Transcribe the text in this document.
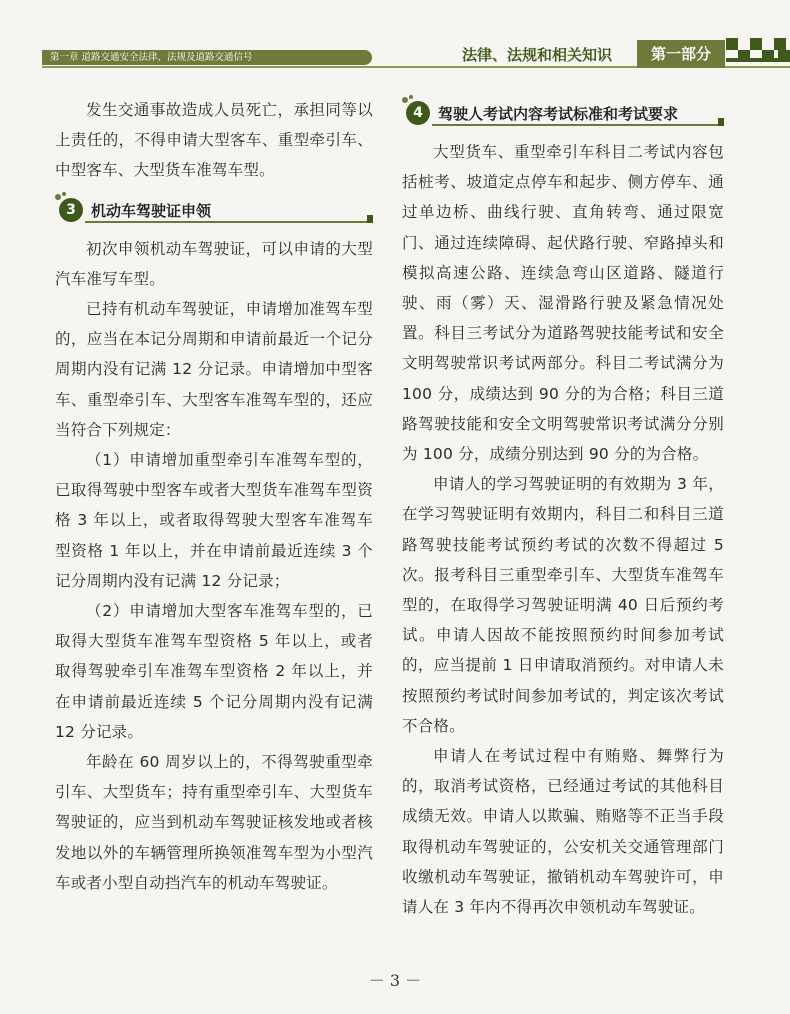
第一章 道路交通安全法律、法规及道路交通信号	法律、法规和相关知识	第一部分

发生交通事故造成人员死亡，承担同等以上责任的，不得申请大型客车、重型牵引车、中型客车、大型货车准驾车型。

3	机动车驾驶证申领

初次申领机动车驾驶证，可以申请的大型汽车准写车型。

已持有机动车驾驶证，申请增加准驾车型的，应当在本记分周期和申请前最近一个记分周期内没有记满 12 分记录。申请增加中型客车、重型牵引车、大型客车准驾车型的，还应当符合下列规定：

（1）申请增加重型牵引车准驾车型的，已取得驾驶中型客车或者大型货车准驾车型资格 3 年以上，或者取得驾驶大型客车准驾车型资格 1 年以上，并在申请前最近连续 3 个记分周期内没有记满 12 分记录；

（2）申请增加大型客车准驾车型的，已取得大型货车准驾车型资格 5 年以上，或者取得驾驶牵引车准驾车型资格 2 年以上，并在申请前最近连续 5 个记分周期内没有记满 12 分记录。

年龄在 60 周岁以上的，不得驾驶重型牵引车、大型货车；持有重型牵引车、大型货车驾驶证的，应当到机动车驾驶证核发地或者核发地以外的车辆管理所换领准驾车型为小型汽车或者小型自动挡汽车的机动车驾驶证。

4	驾驶人考试内容考试标准和考试要求

大型货车、重型牵引车科目二考试内容包括桩考、坡道定点停车和起步、侧方停车、通过单边桥、曲线行驶、直角转弯、通过限宽门、通过连续障碍、起伏路行驶、窄路掉头和模拟高速公路、连续急弯山区道路、隧道行驶、雨（雾）天、湿滑路行驶及紧急情况处置。科目三考试分为道路驾驶技能考试和安全文明驾驶常识考试两部分。科目二考试满分为 100 分，成绩达到 90 分的为合格；科目三道路驾驶技能和安全文明驾驶常识考试满分分别为 100 分，成绩分别达到 90 分的为合格。

申请人的学习驾驶证明的有效期为 3 年，在学习驾驶证明有效期内，科目二和科目三道路驾驶技能考试预约考试的次数不得超过 5 次。报考科目三重型牵引车、大型货车准驾车型的，在取得学习驾驶证明满 40 日后预约考试。申请人因故不能按照预约时间参加考试的，应当提前 1 日申请取消预约。对申请人未按照预约考试时间参加考试的，判定该次考试不合格。

申请人在考试过程中有贿赂、舞弊行为的，取消考试资格，已经通过考试的其他科目成绩无效。申请人以欺骗、贿赂等不正当手段取得机动车驾驶证的，公安机关交通管理部门收缴机动车驾驶证，撤销机动车驾驶许可，申请人在 3 年内不得再次申领机动车驾驶证。

－ 3 －
